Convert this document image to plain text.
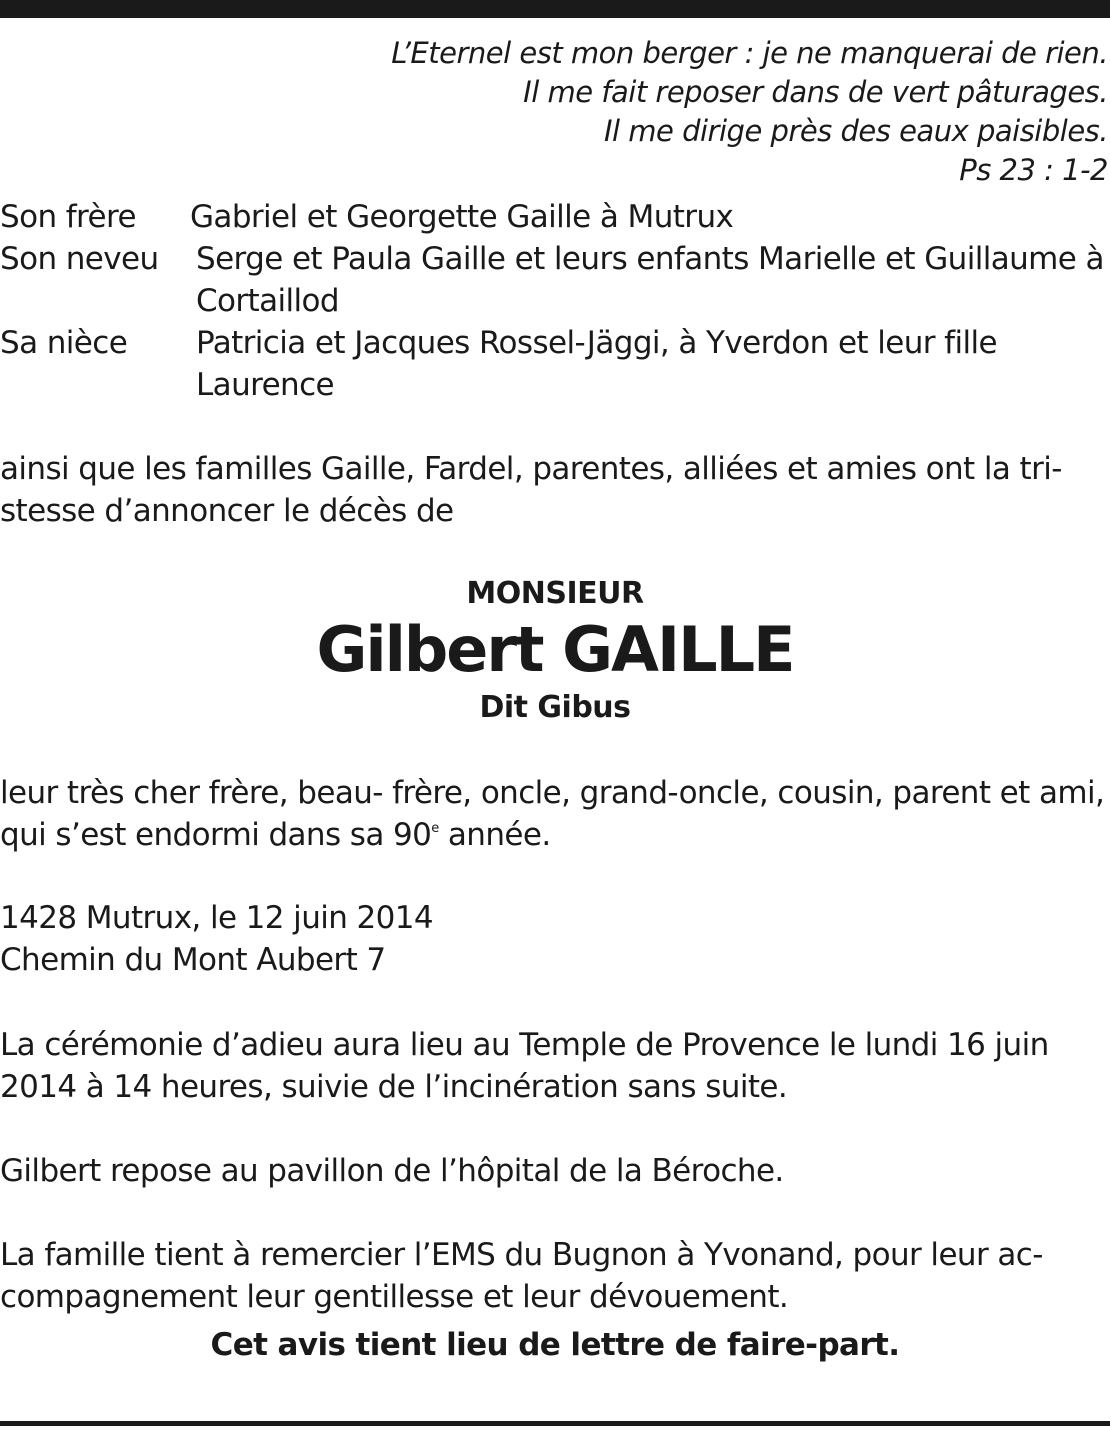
L’Eternel est mon berger : je ne manquerai de rien.
Il me fait reposer dans de vert pâturages.
Il me dirige près des eaux paisibles.
Ps 23 : 1-2
Son frère Gabriel et Georgette Gaille à Mutrux
Son neveu Serge et Paula Gaille et leurs enfants Marielle et Guillaume à Cortaillod
Sa nièce Patricia et Jacques Rossel-Jäggi, à Yverdon et leur fille Laurence
ainsi que les familles Gaille, Fardel, parentes, alliées et amies ont la tristesse d’annoncer le décès de
MONSIEUR
Gilbert GAILLE
Dit Gibus
leur très cher frère, beau- frère, oncle, grand-oncle, cousin, parent et ami, qui s’est endormi dans sa 90e année.
1428 Mutrux, le 12 juin 2014
Chemin du Mont Aubert 7
La cérémonie d’adieu aura lieu au Temple de Provence le lundi 16 juin 2014 à 14 heures, suivie de l’incinération sans suite.
Gilbert repose au pavillon de l’hôpital de la Béroche.
La famille tient à remercier l’EMS du Bugnon à Yvonand, pour leur accompagnement leur gentillesse et leur dévouement.
Cet avis tient lieu de lettre de faire-part.
